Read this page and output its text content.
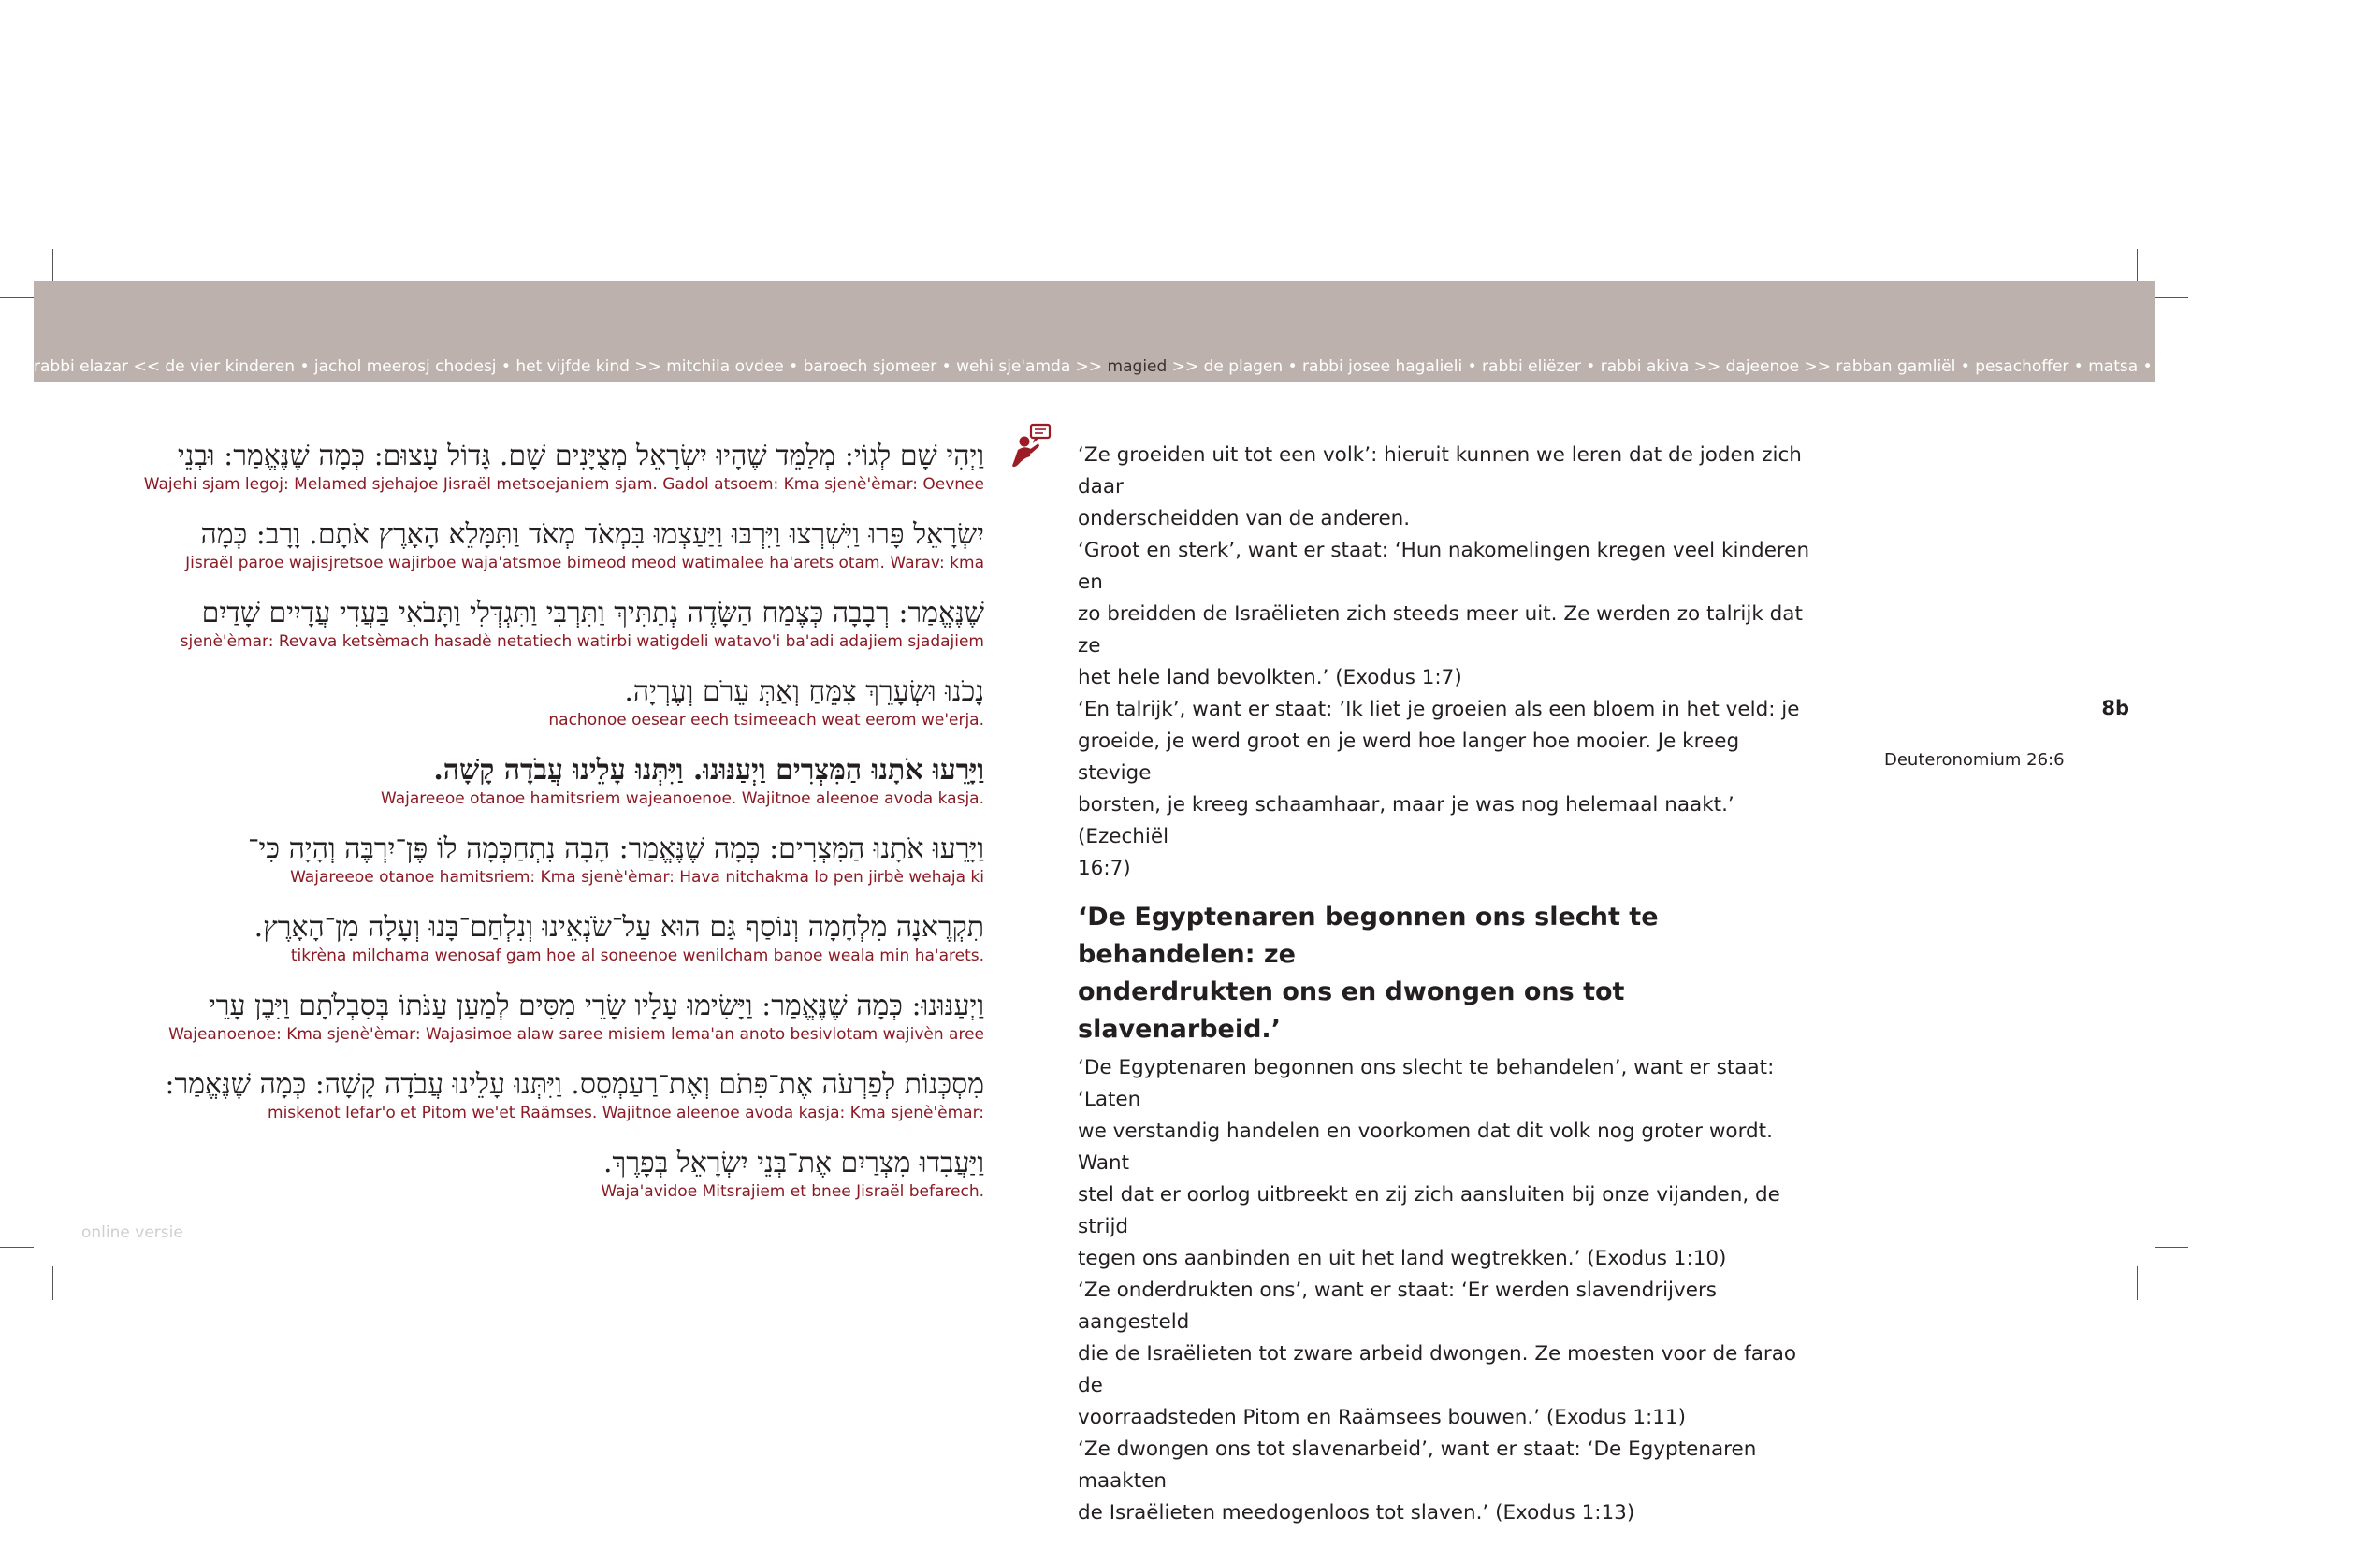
rabbi elazar << de vier kinderen • jachol meerosj chodesj • het vijfde kind >> mitchila ovdee • baroech sjomeer • wehi sje'amda >> magied >> de plagen • rabbi josee hagalieli • rabbi eliëzer • rabbi akiva >> dajeenoe >> rabban gamliël • pesachoffer • matsa • maror >> bechol dor wador
וַיְהִי שָׁם לְגוֹי: מְלַמֵּד שֶׁהָיוּ יִשְׂרָאֵל מְצֻיָּנִים שָׁם. גָּדוֹל עָצוּם: כְּמָה שֶׁנֶּאֱמַר: וּבְנֵי
Wajehi sjam legoj: Melamed sjehajoe Jisraël metsoejaniem sjam. Gadol atsoem: Kma sjenè'èmar: Oevnee
יִשְׂרָאֵל פָּרוּ וַיִּשְׁרְצוּ וַיִּרְבּוּ וַיַּעַצְמוּ בִּמְאֹד מְאֹד וַתִּמָּלֵא הָאָרֶץ אֹתָם. וָרָב: כְּמָה
Jisraël paroe wajisjretsoe wajirboe waja'atsmoe bimeod meod watimalee ha'arets otam. Warav: kma
שֶׁנֶּאֱמַר: רְבָבָה כְּצֶמַח הַשָּׂדֶה נְתַתִּיךְ וַתִּרְבִּי וַתִּגְדְּלִי וַתָּבֹאִי בַּעֲדִי עֲדָיִים שָׁדַיִם
sjenè'èmar: Revava ketsèmach hasadè netatiech watirbi watigdeli watavo'i ba'adi adajiem sjadajiem
נָכֹנוּ וּשְׂעָרֵךְ צִמֵּחַ וְאַתְּ עֵרֹם וְעֶרְיָה.
nachonoe oesear eech tsimeeach weat eerom we'erja.
וַיָּרֵעוּ אֹתָנוּ הַמִּצְרִים וַיְעַנּוּנוּ. וַיִּתְּנוּ עָלֵינוּ עֲבֹדָה קָשָׁה.
Wajareeoe otanoe hamitsriem wajeanoenoe. Wajitnoe aleenoe avoda kasja.
וַיָּרֵעוּ אֹתָנוּ הַמִּצְרִים: כְּמָה שֶׁנֶּאֱמַר: הָבָה נִתְחַכְּמָה לוֹ פֶּן־יִרְבֶּה וְהָיָה כִּי־
Wajareeoe otanoe hamitsriem: Kma sjenè'èmar: Hava nitchakma lo pen jirbè wehaja ki
תִקְרֶאנָה מִלְחָמָה וְנוֹסַף גַּם הוּא עַל־שֹׂנְאֵינוּ וְנִלְחַם־בָּנוּ וְעָלָה מִן־הָאָרֶץ.
tikrèna milchama wenosaf gam hoe al soneenoe wenilcham banoe weala min ha'arets.
וַיְעַנּוּנוּ: כְּמָה שֶׁנֶּאֱמַר: וַיָּשִׂימוּ עָלָיו שָׂרֵי מִסִּים לְמַעַן עַנֹּתוֹ בְּסִבְלֹתָם וַיִּבֶן עָרֵי
Wajeanoenoe: Kma sjenè'èmar: Wajasimoe alaw saree misiem lema'an anoto besivlotam wajivèn aree
מִסְכְּנוֹת לְפַרְעֹה אֶת־פִּתֹם וְאֶת־רַעַמְסֵס. וַיִּתְּנוּ עָלֵינוּ עֲבֹדָה קָשָׁה: כְּמָה שֶׁנֶּאֱמַר:
miskenot lefar'o et Pitom we'et Raämses. Wajitnoe aleenoe avoda kasja: Kma sjenè'èmar:
וַיַּעֲבִדוּ מִצְרַיִם אֶת־בְּנֵי יִשְׂרָאֵל בְּפָרֶךְ.
Waja'avidoe Mitsrajiem et bnee Jisraël befarech.

‘Ze groeiden uit tot een volk’: hieruit kunnen we leren dat de joden zich daar

onderscheidden van de anderen.

‘Groot en sterk’, want er staat: ‘Hun nakomelingen kregen veel kinderen en

zo breidden de Israëlieten zich steeds meer uit. Ze werden zo talrijk dat ze

het hele land bevolkten.’ (Exodus 1:7)

‘En talrijk’, want er staat: ’Ik liet je groeien als een bloem in het veld: je

groeide, je werd groot en je werd hoe langer hoe mooier. Je kreeg stevige

borsten, je kreeg schaamhaar, maar je was nog helemaal naakt.’ (Ezechiël

16:7)

‘De Egyptenaren begonnen ons slecht te behandelen: ze
onderdrukten ons en dwongen ons tot slavenarbeid.’

‘De Egyptenaren begonnen ons slecht te behandelen’, want er staat: ‘Laten

we verstandig handelen en voorkomen dat dit volk nog groter wordt. Want

stel dat er oorlog uitbreekt en zij zich aansluiten bij onze vijanden, de strijd

tegen ons aanbinden en uit het land wegtrekken.’ (Exodus 1:10)

‘Ze onderdrukten ons’, want er staat: ‘Er werden slavendrijvers aangesteld

die de Israëlieten tot zware arbeid dwongen. Ze moesten voor de farao de

voorraadsteden Pitom en Raämsees bouwen.’ (Exodus 1:11)

‘Ze dwongen ons tot slavenarbeid’, want er staat: ‘De Egyptenaren maakten

de Israëlieten meedogenloos tot slaven.’ (Exodus 1:13)

8b
Deuteronomium 26:6
online versie
